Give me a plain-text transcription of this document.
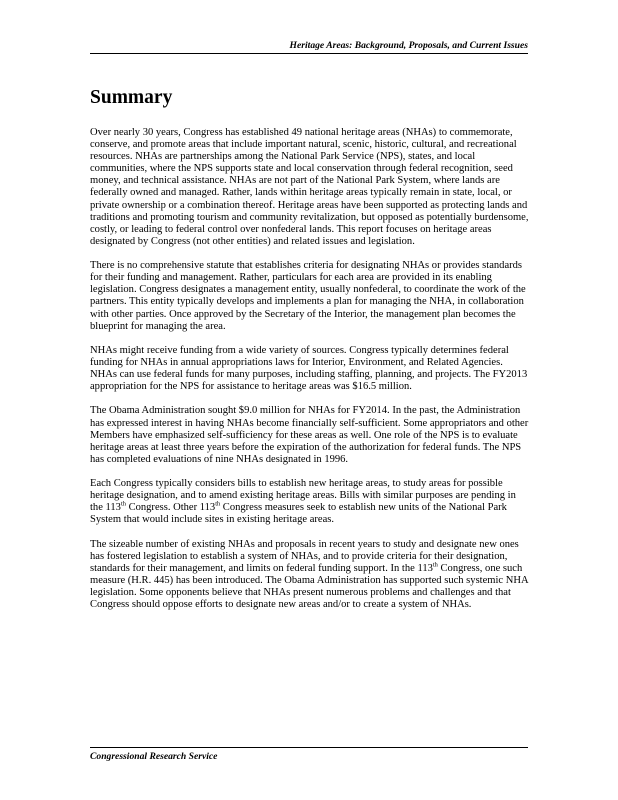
Heritage Areas: Background, Proposals, and Current Issues
Summary

Over nearly 30 years, Congress has established 49 national heritage areas (NHAs) to commemorate, conserve, and promote areas that include important natural, scenic, historic, cultural, and recreational resources. NHAs are partnerships among the National Park Service (NPS), states, and local communities, where the NPS supports state and local conservation through federal recognition, seed money, and technical assistance. NHAs are not part of the National Park System, where lands are federally owned and managed. Rather, lands within heritage areas typically remain in state, local, or private ownership or a combination thereof. Heritage areas have been supported as protecting lands and traditions and promoting tourism and community revitalization, but opposed as potentially burdensome, costly, or leading to federal control over nonfederal lands. This report focuses on heritage areas designated by Congress (not other entities) and related issues and legislation.

There is no comprehensive statute that establishes criteria for designating NHAs or provides standards for their funding and management. Rather, particulars for each area are provided in its enabling legislation. Congress designates a management entity, usually nonfederal, to coordinate the work of the partners. This entity typically develops and implements a plan for managing the NHA, in collaboration with other parties. Once approved by the Secretary of the Interior, the management plan becomes the blueprint for managing the area.

NHAs might receive funding from a wide variety of sources. Congress typically determines federal funding for NHAs in annual appropriations laws for Interior, Environment, and Related Agencies. NHAs can use federal funds for many purposes, including staffing, planning, and projects. The FY2013 appropriation for the NPS for assistance to heritage areas was $16.5 million.

The Obama Administration sought $9.0 million for NHAs for FY2014. In the past, the Administration has expressed interest in having NHAs become financially self-sufficient. Some appropriators and other Members have emphasized self-sufficiency for these areas as well. One role of the NPS is to evaluate heritage areas at least three years before the expiration of the authorization for federal funds. The NPS has completed evaluations of nine NHAs designated in 1996.

Each Congress typically considers bills to establish new heritage areas, to study areas for possible heritage designation, and to amend existing heritage areas. Bills with similar purposes are pending in the 113th Congress. Other 113th Congress measures seek to establish new units of the National Park System that would include sites in existing heritage areas.

The sizeable number of existing NHAs and proposals in recent years to study and designate new ones has fostered legislation to establish a system of NHAs, and to provide criteria for their designation, standards for their management, and limits on federal funding support. In the 113th Congress, one such measure (H.R. 445) has been introduced. The Obama Administration has supported such systemic NHA legislation. Some opponents believe that NHAs present numerous problems and challenges and that Congress should oppose efforts to designate new areas and/or to create a system of NHAs.

Congressional Research Service
